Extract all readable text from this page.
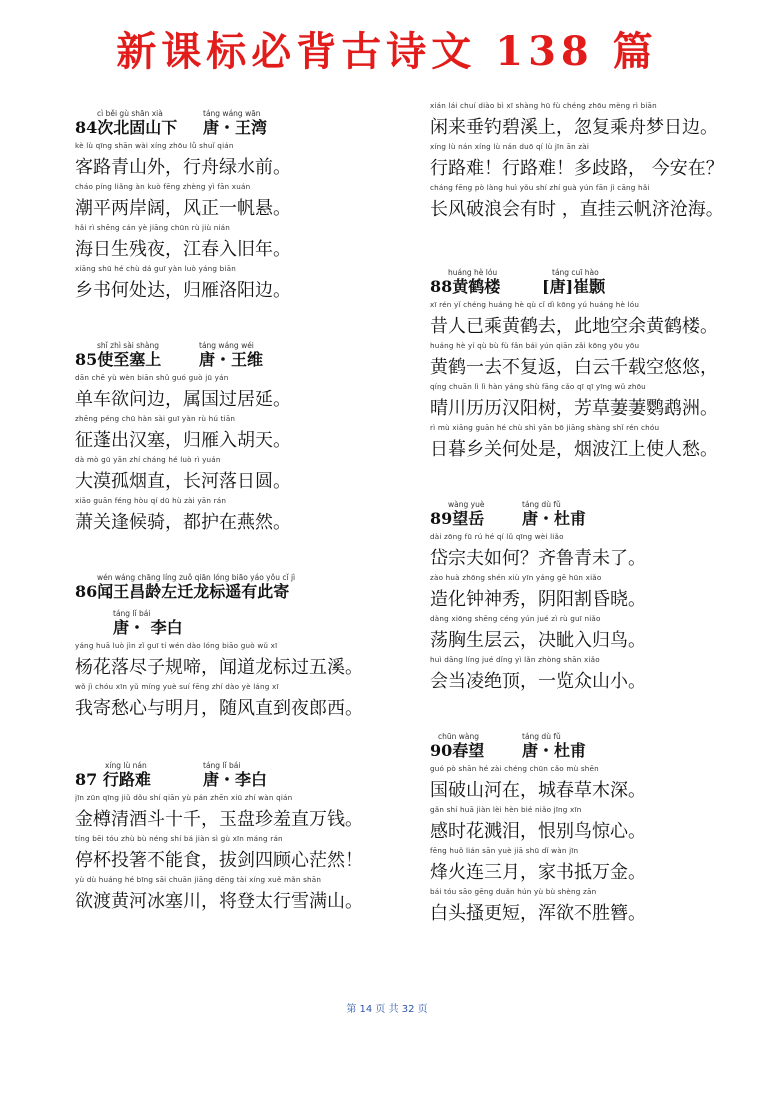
新课标必背古诗文 138 篇
cì běi gù shān xià	táng wáng wān
84次北固山下 唐・王湾
kè lù qīng shān wài xíng zhōu lǜ shuǐ qián
客路青山外，行舟绿水前。
cháo píng liǎng àn kuò fēng zhèng yì fān xuán
潮平两岸阔，风正一帆悬。
hǎi rì shēng cán yè jiāng chūn rù jiù nián
海日生残夜，江春入旧年。
xiāng shū hé chù dá guī yàn luò yáng biān
乡书何处达，归雁洛阳边。
shǐ zhì sài shàng	táng wáng wéi
85使至塞上 唐・王维
dān chē yù wèn biān shǔ guó guò jū yán
单车欲问边，属国过居延。
zhēng péng chū hàn sài guī yàn rù hú tiān
征蓬出汉塞，归雁入胡天。
dà mò gū yān zhí cháng hé luò rì yuán
大漠孤烟直，长河落日圆。
xiāo guān féng hòu qí dū hù zài yān rán
萧关逢候骑，都护在燕然。
wén wáng chāng líng zuǒ qiān lóng biāo yáo yǒu cǐ jì
86闻王昌龄左迁龙标遥有此寄
táng lǐ bái
唐・ 李白
yáng huā luò jìn zǐ guī tí wén dào lóng biāo guò wǔ xī
杨花落尽子规啼，闻道龙标过五溪。
wǒ jì chóu xīn yǔ míng yuè suí fēng zhí dào yè láng xī
我寄愁心与明月，随风直到夜郎西。
xíng lù nán	táng lǐ bái
87 行路难	唐・李白
jīn zūn qīng jiǔ dǒu shí qiān yù pán zhēn xiū zhí wàn qián
金樽清酒斗十千，玉盘珍羞直万钱。
tíng bēi tóu zhù bù néng shí bá jiàn sì gù xīn máng rán
停杯投箸不能食，拔剑四顾心茫然！
yù dù huáng hé bīng sāi chuān jiāng dēng tài xíng xuě mǎn shān
欲渡黄河冰塞川，将登太行雪满山。
xián lái chuí diào bì xī shàng hū fù chéng zhōu mèng rì biān
闲来垂钓碧溪上，忽复乘舟梦日边。
xíng lù nán xíng lù nán duō qí lù jīn ān zài
行路难！行路难！多歧路， 今安在？
cháng fēng pò làng huì yǒu shí zhí guà yún fān jì cāng hǎi
长风破浪会有时 ，直挂云帆济沧海。
huáng hè lóu	táng cuī hào
88黄鹤楼	[唐]崔颢
xī rén yǐ chéng huáng hè qù cǐ dì kōng yú huáng hè lóu
昔人已乘黄鹤去，此地空余黄鹤楼。
huáng hè yí qù bù fù fǎn bái yún qiān zǎi kōng yōu yōu
黄鹤一去不复返，白云千载空悠悠，
qíng chuān lì lì hàn yáng shù fāng cǎo qī qī yīng wǔ zhōu
晴川历历汉阳树，芳草萋萋鹦鹉洲。
rì mù xiāng guān hé chù shì yān bō jiāng shàng shǐ rén chóu
日暮乡关何处是，烟波江上使人愁。
wàng yuè	táng dù fǔ
89望岳 唐・杜甫
dài zōng fū rú hé qí lǔ qīng wèi liǎo
岱宗夫如何？齐鲁青未了。
zào huà zhōng shén xiù yīn yáng gē hūn xiǎo
造化钟神秀，阴阳割昏晓。
dàng xiōng shēng céng yún jué zì rù guī niǎo
荡胸生层云，决眦入归鸟。
huì dāng líng jué dǐng yì lǎn zhòng shān xiǎo
会当凌绝顶，一览众山小。
chūn wàng	táng dù fǔ
90春望 唐・杜甫
guó pò shān hé zài chéng chūn cǎo mù shēn
国破山河在，城春草木深。
gǎn shí huā jiàn lèi hèn bié niǎo jīng xīn
感时花溅泪，恨别鸟惊心。
fēng huǒ lián sān yuè jiā shū dǐ wàn jīn
烽火连三月，家书抵万金。
bái tóu sāo gēng duǎn hún yù bù shèng zān
白头搔更短，浑欲不胜簪。
第 14 页 共 32 页
